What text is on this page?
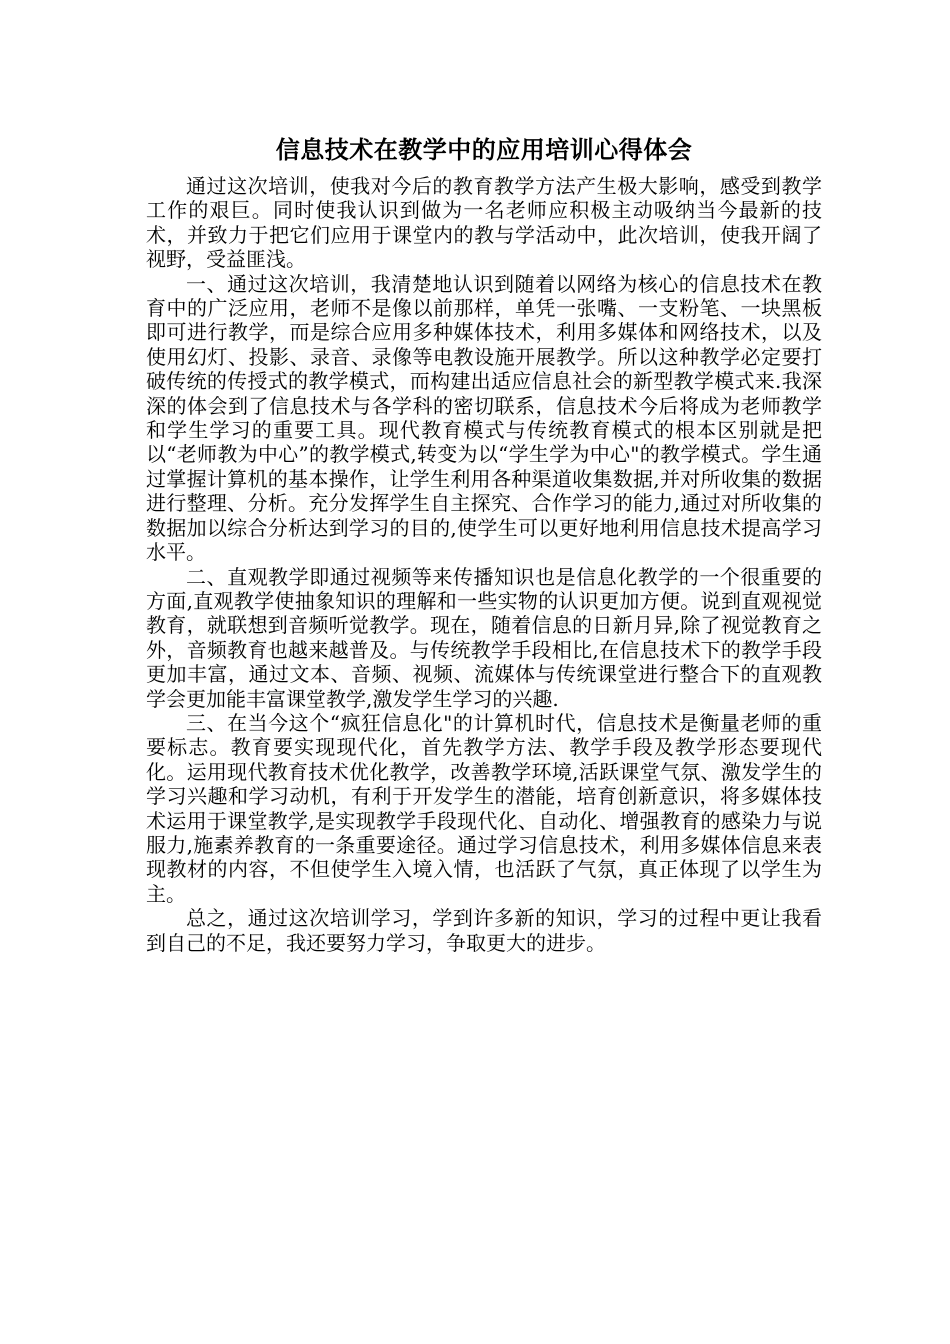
信息技术在教学中的应用培训心得体会

通过这次培训，使我对今后的教育教学方法产生极大影响，感受到教学工作的艰巨。同时使我认识到做为一名老师应积极主动吸纳当今最新的技术，并致力于把它们应用于课堂内的教与学活动中，此次培训，使我开阔了视野，受益匪浅。

一、通过这次培训，我清楚地认识到随着以网络为核心的信息技术在教育中的广泛应用，老师不是像以前那样，单凭一张嘴、一支粉笔、一块黑板即可进行教学，而是综合应用多种媒体技术，利用多媒体和网络技术，以及使用幻灯、投影、录音、录像等电教设施开展教学。所以这种教学必定要打破传统的传授式的教学模式，而构建出适应信息社会的新型教学模式来.我深深的体会到了信息技术与各学科的密切联系，信息技术今后将成为老师教学和学生学习的重要工具。现代教育模式与传统教育模式的根本区别就是把以“老师教为中心”的教学模式,转变为以“学生学为中心"的教学模式。学生通过掌握计算机的基本操作，让学生利用各种渠道收集数据,并对所收集的数据进行整理、分析。充分发挥学生自主探究、合作学习的能力,通过对所收集的数据加以综合分析达到学习的目的,使学生可以更好地利用信息技术提高学习水平。

二、直观教学即通过视频等来传播知识也是信息化教学的一个很重要的方面,直观教学使抽象知识的理解和一些实物的认识更加方便。说到直观视觉教育，就联想到音频听觉教学。现在，随着信息的日新月异,除了视觉教育之外，音频教育也越来越普及。与传统教学手段相比,在信息技术下的教学手段更加丰富，通过文本、音频、视频、流媒体与传统课堂进行整合下的直观教学会更加能丰富课堂教学,激发学生学习的兴趣.

三、在当今这个“疯狂信息化"的计算机时代，信息技术是衡量老师的重要标志。教育要实现现代化，首先教学方法、教学手段及教学形态要现代化。运用现代教育技术优化教学，改善教学环境,活跃课堂气氛、激发学生的学习兴趣和学习动机，有利于开发学生的潜能，培育创新意识，将多媒体技术运用于课堂教学,是实现教学手段现代化、自动化、增强教育的感染力与说服力,施素养教育的一条重要途径。通过学习信息技术，利用多媒体信息来表现教材的内容，不但使学生入境入情，也活跃了气氛，真正体现了以学生为主。

总之，通过这次培训学习，学到许多新的知识，学习的过程中更让我看到自己的不足，我还要努力学习，争取更大的进步。
